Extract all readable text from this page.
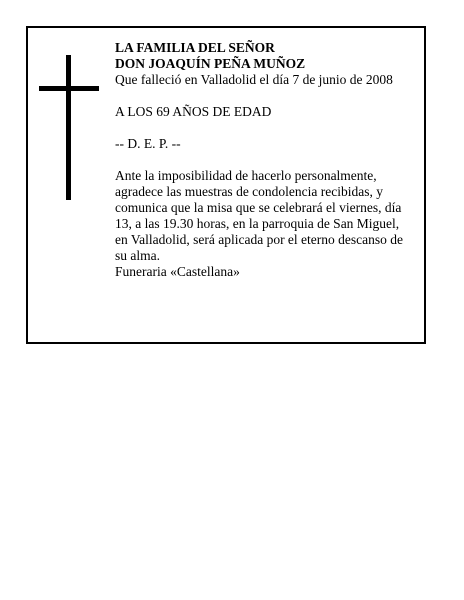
LA FAMILIA DEL SEÑOR
DON JOAQUÍN PEÑA MUÑOZ
Que falleció en Valladolid el día 7 de junio de 2008
A LOS 69 AÑOS DE EDAD
-- D. E. P. --
Ante la imposibilidad de hacerlo personalmente, agradece las muestras de condolencia recibidas, y comunica que la misa que se celebrará el viernes, día 13, a las 19.30 horas, en la parroquia de San Miguel, en Valladolid, será aplicada por el eterno descanso de su alma.
Funeraria «Castellana»
